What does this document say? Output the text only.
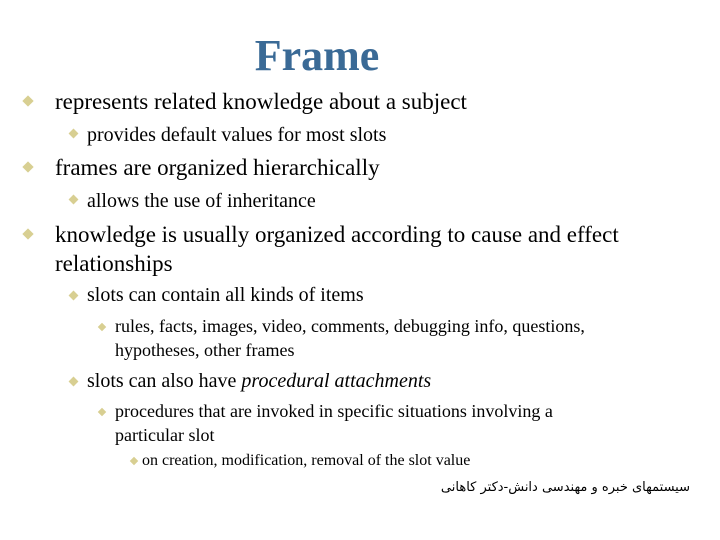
Frame
represents related knowledge about a subject
provides default values for most slots
frames are organized hierarchically
allows the use of inheritance
knowledge is usually organized according to cause and effect
relationships
slots can contain all kinds of items
rules, facts, images, video, comments, debugging info, questions,
hypotheses, other frames
slots can also have procedural attachments
procedures that are invoked in specific situations involving a
particular slot
on creation, modification, removal of the slot value
سیستمهای خبره و مهندسی دانش-دکتر کاهانی
